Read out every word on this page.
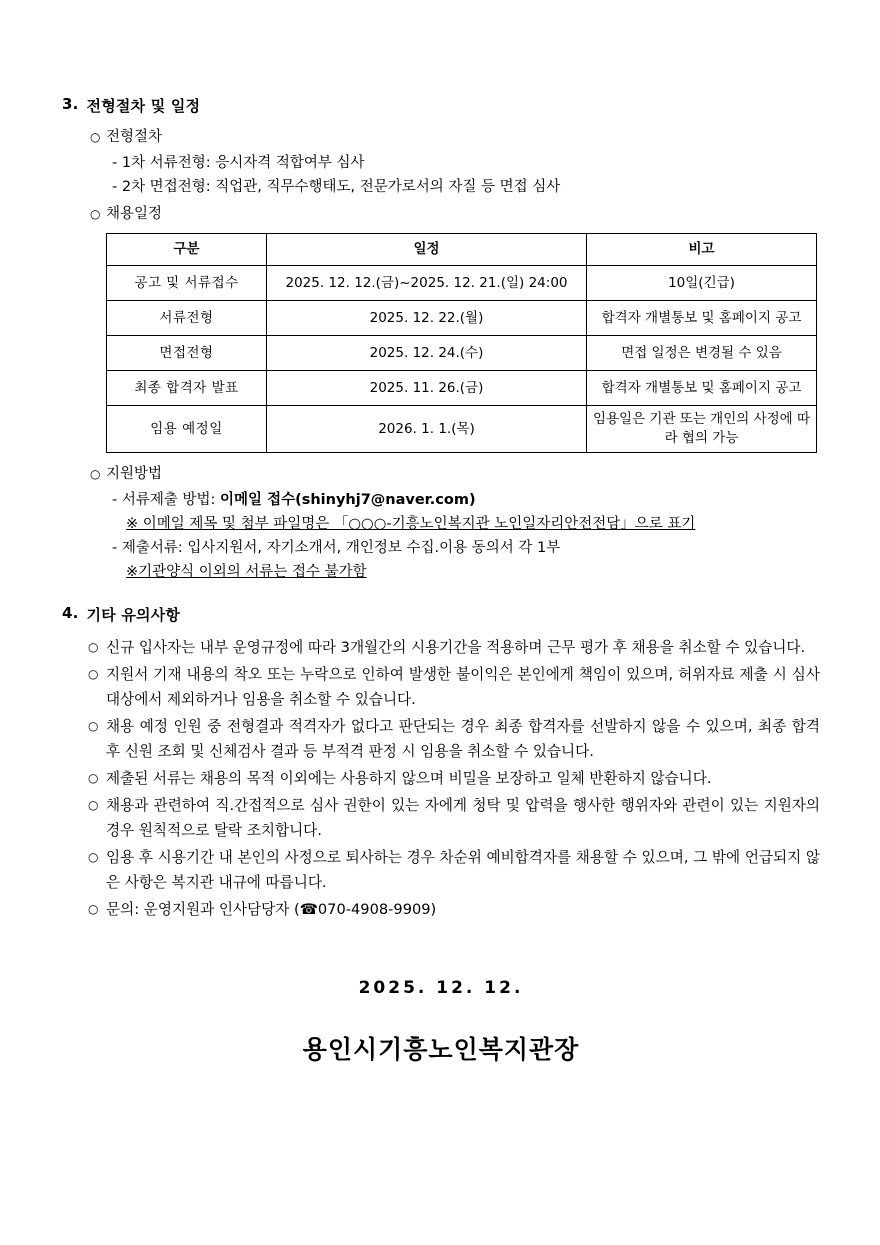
3. 전형절차 및 일정
○ 전형절차
- 1차 서류전형: 응시자격 적합여부 심사
- 2차 면접전형: 직업관, 직무수행태도, 전문가로서의 자질 등 면접 심사
○ 채용일정
구분	일정	비고
공고 및 서류접수	2025. 12. 12.(금)~2025. 12. 21.(일) 24:00	10일(긴급)
서류전형	2025. 12. 22.(월)	합격자 개별통보 및 홈페이지 공고
면접전형	2025. 12. 24.(수)	면접 일정은 변경될 수 있음
최종 합격자 발표	2025. 11. 26.(금)	합격자 개별통보 및 홈페이지 공고
임용 예정일	2026. 1. 1.(목)	임용일은 기관 또는 개인의 사정에 따라 협의 가능
○ 지원방법
- 서류제출 방법: 이메일 접수(shinyhj7@naver.com)
※ 이메일 제목 및 첨부 파일명은 「○○○-기흥노인복지관 노인일자리안전전담」으로 표기
- 제출서류: 입사지원서, 자기소개서, 개인정보 수집.이용 동의서 각 1부
※기관양식 이외의 서류는 접수 불가함
4. 기타 유의사항
○ 신규 입사자는 내부 운영규정에 따라 3개월간의 시용기간을 적용하며 근무 평가 후 채용을 취소할 수 있습니다.
○ 지원서 기재 내용의 착오 또는 누락으로 인하여 발생한 불이익은 본인에게 책임이 있으며, 허위자료 제출 시 심사대상에서 제외하거나 임용을 취소할 수 있습니다.
○ 채용 예정 인원 중 전형결과 적격자가 없다고 판단되는 경우 최종 합격자를 선발하지 않을 수 있으며, 최종 합격 후 신원 조회 및 신체검사 결과 등 부적격 판정 시 임용을 취소할 수 있습니다.
○ 제출된 서류는 채용의 목적 이외에는 사용하지 않으며 비밀을 보장하고 일체 반환하지 않습니다.
○ 채용과 관련하여 직.간접적으로 심사 권한이 있는 자에게 청탁 및 압력을 행사한 행위자와 관련이 있는 지원자의 경우 원칙적으로 탈락 조치합니다.
○ 임용 후 시용기간 내 본인의 사정으로 퇴사하는 경우 차순위 예비합격자를 채용할 수 있으며, 그 밖에 언급되지 않은 사항은 복지관 내규에 따릅니다.
○ 문의: 운영지원과 인사담당자 (☎070-4908-9909)
2025. 12. 12.
용인시기흥노인복지관장
